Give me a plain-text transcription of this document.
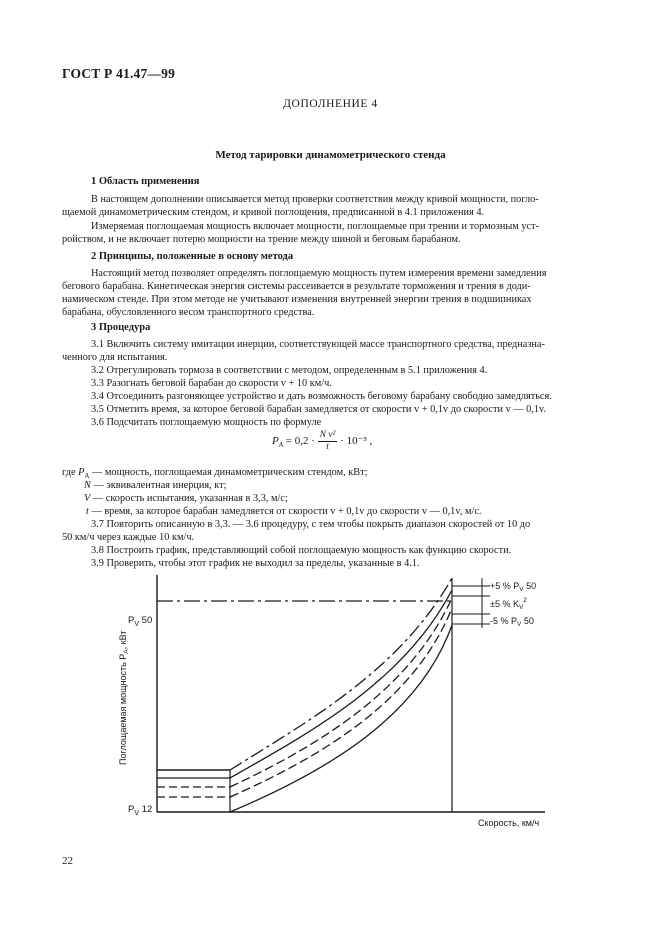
ГОСТ Р 41.47—99
ДОПОЛНЕНИЕ 4
Метод тарировки динамометрического стенда
1 Область применения
В настоящем дополнении описывается метод проверки соответствия между кривой мощности, погло-
щаемой динамометрическим стендом, и кривой поглощения, предписанной в 4.1 приложения 4.
Измеряемая поглощаемая мощность включает мощности, поглощаемые при трении и тормозным уст-
ройством, и не включает потерю мощности на трение между шиной и беговым барабаном.
2 Принципы, положенные в основу метода
Настоящий метод позволяет определять поглощаемую мощность путем измерения времени замедления
бегового барабана. Кинетическая энергия системы рассеивается в результате торможения и трения в доди-
намическом стенде. При этом методе не учитывают изменения внутренней энергии трения в подшипниках
барабана, обусловленного весом транспортного средства.
3 Процедура
3.1 Включить систему имитации инерции, соответствующей массе транспортного средства, предназна-
ченного для испытания.
3.2 Отрегулировать тормоза в соответствии с методом, определенным в 5.1 приложения 4.
3.3 Разогнать беговой барабан до скорости v + 10 км/ч.
3.4 Отсоединить разгоняющее устройство и дать возможность беговому барабану свободно замедляться.
3.5 Отметить время, за которое беговой барабан замедляется от скорости v + 0,1v до скорости v — 0,1v.
3.6 Подсчитать поглощаемую мощность по формуле
$P_A = 0,2 \cdot \frac{\text{N v²}}{t} \cdot 10^{-3}$ ,
где $P_A$ — мощность, поглощаемая динамометрическим стендом, кВт;
N — эквивалентная инерция, кт;
V — скорость испытания, указанная в 3,3, м/с;
t — время, за которое барабан замедляется от скорости v + 0,1v до скорости v — 0,1v, м/с.
3.7 Повторить описанную в 3,3. — 3.6 процедуру, с тем чтобы покрыть диапазон скоростей от 10 до
50 км/ч через каждые 10 км/ч.
3.8 Построить график, представляющий собой поглощаемую мощность как функцию скорости.
3.9 Проверить, чтобы этот график не выходил за пределы, указанные в 4.1.
$P_V$ 50
$P_V$ 12
Поглощаемая мощность $P_A$, кВт
Скорость, км/ч
+5 % $P_V$ 50
±5 % $K_V^2$
-5 % $P_V$ 50
22
